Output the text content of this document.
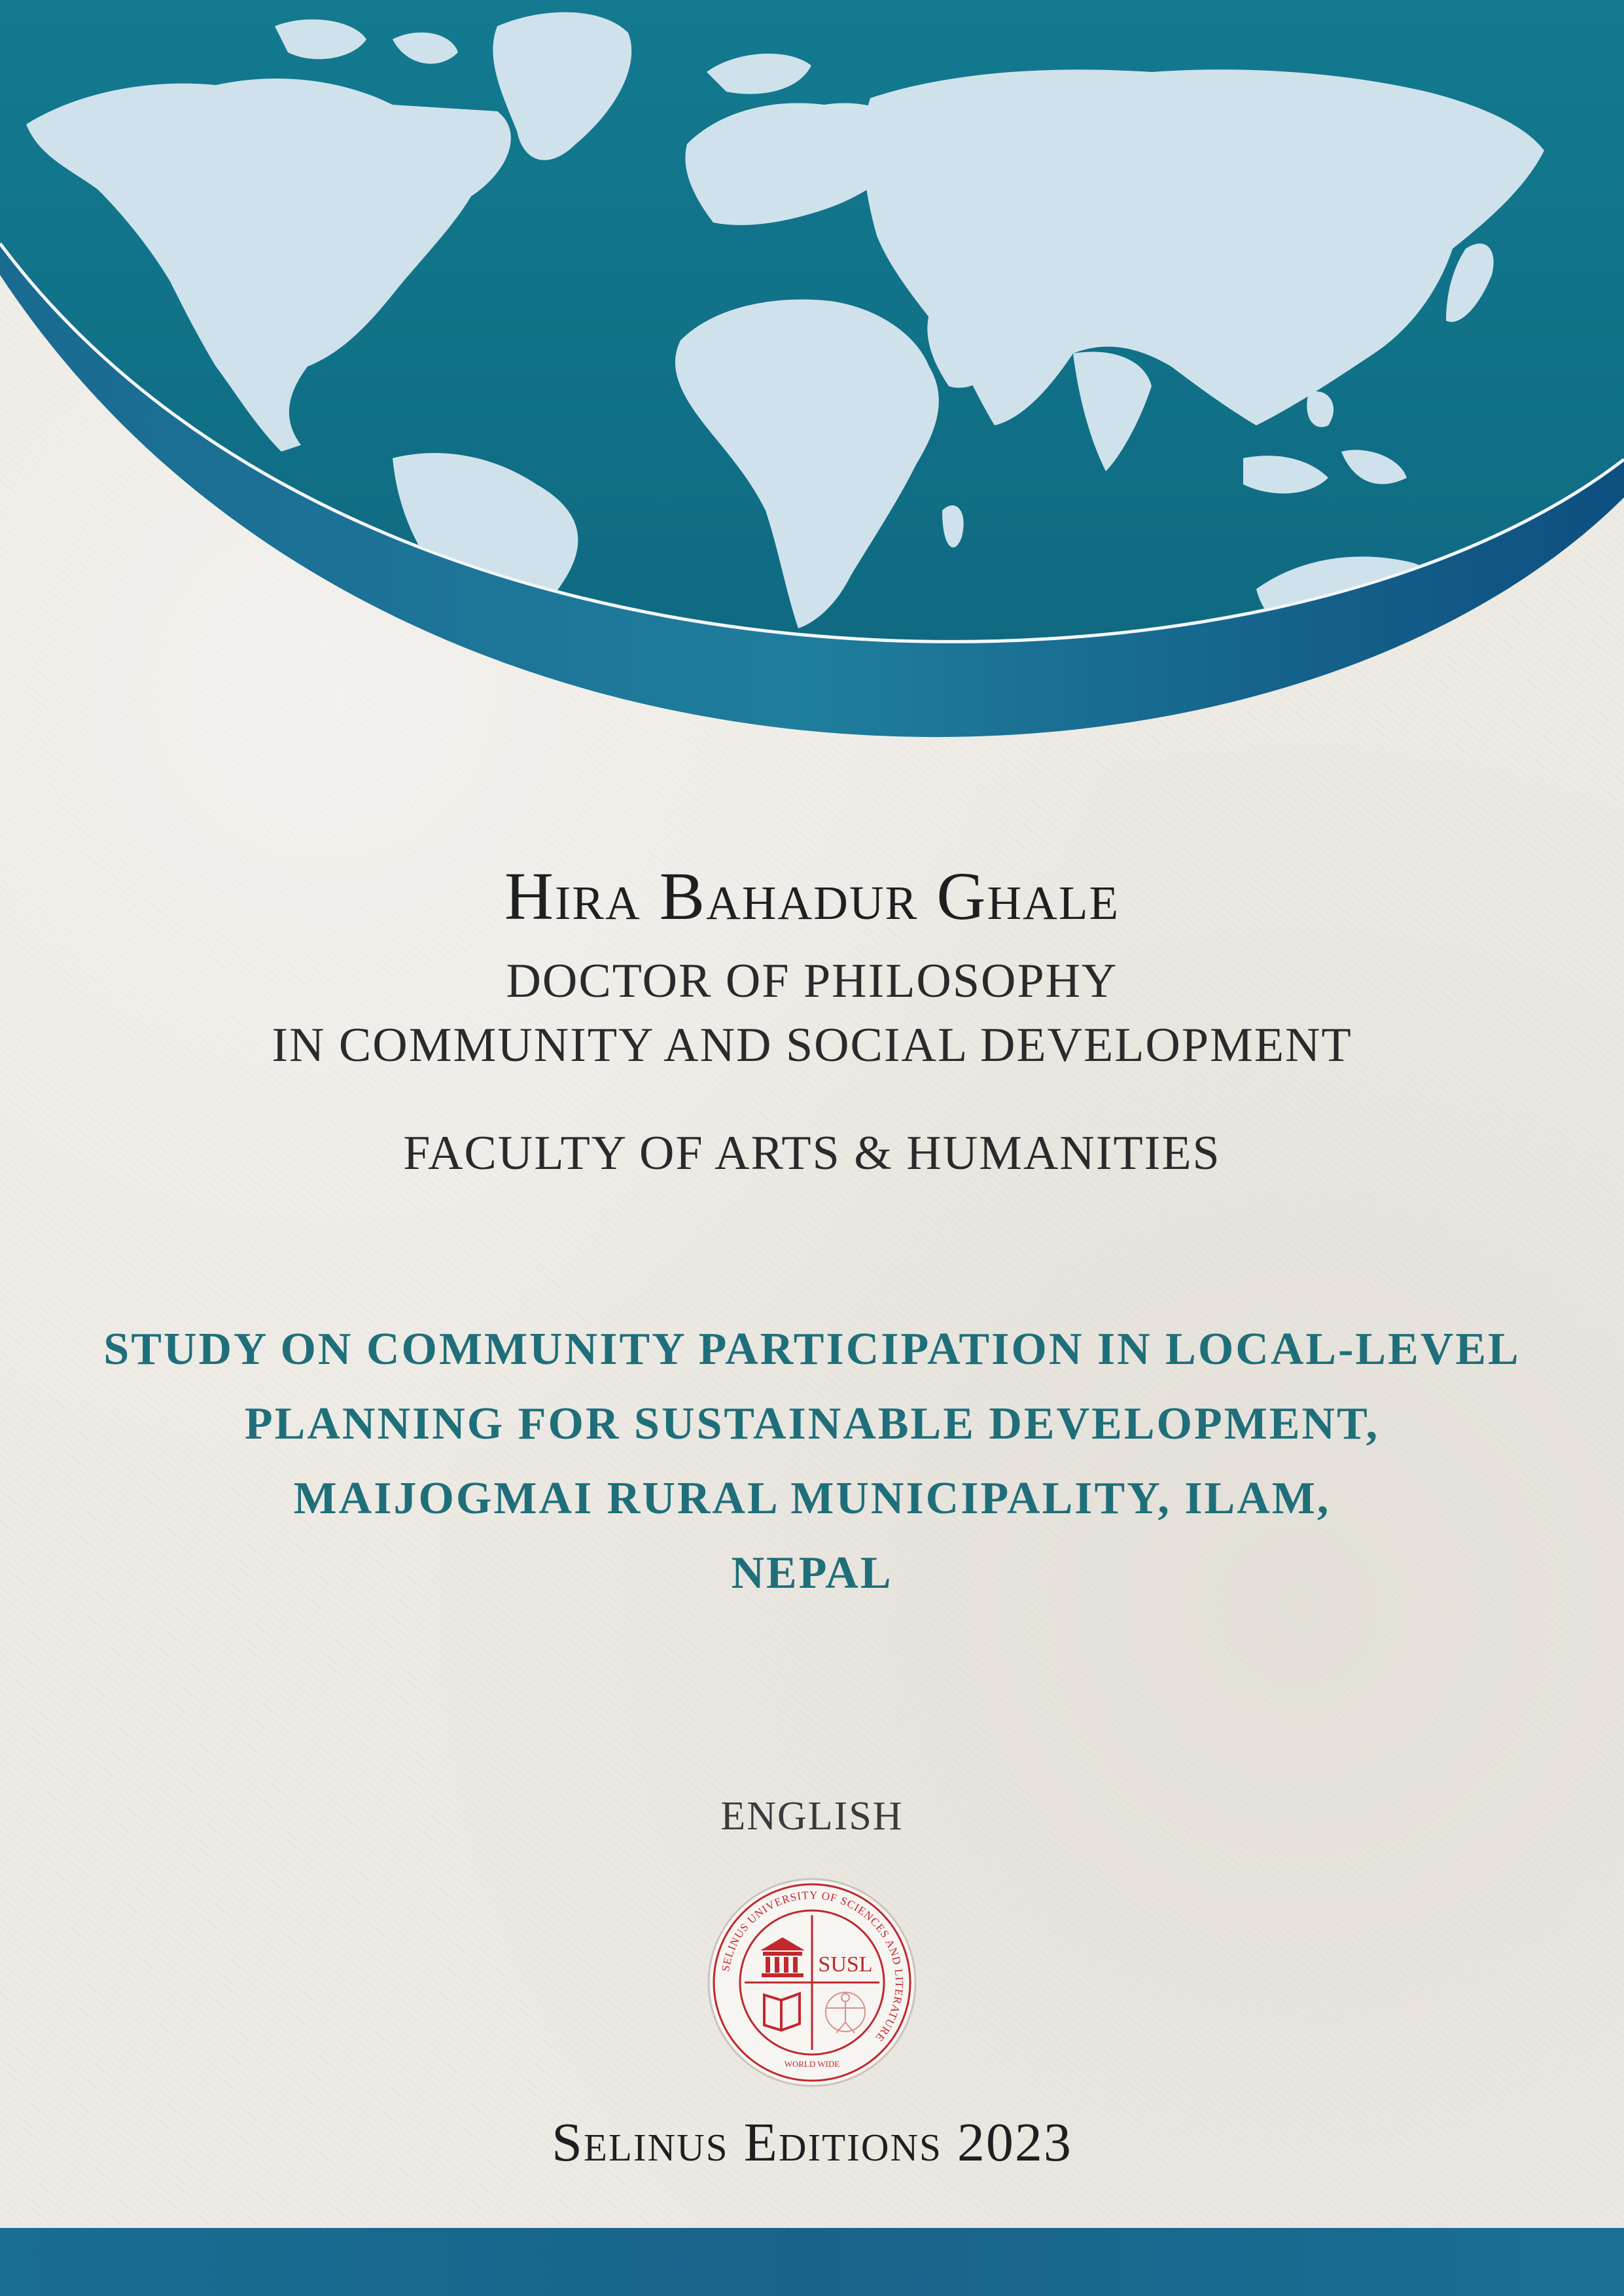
Hira Bahadur Ghale
DOCTOR OF PHILOSOPHY
IN COMMUNITY AND SOCIAL DEVELOPMENT
FACULTY OF ARTS & HUMANITIES
STUDY ON COMMUNITY PARTICIPATION IN LOCAL-LEVEL
PLANNING FOR SUSTAINABLE DEVELOPMENT,
MAIJOGMAI RURAL MUNICIPALITY, ILAM,
NEPAL
ENGLISH
SELINUS UNIVERSITY OF SCIENCES AND LITERATURE
SUSL
WORLD WIDE
Selinus Editions 2023
